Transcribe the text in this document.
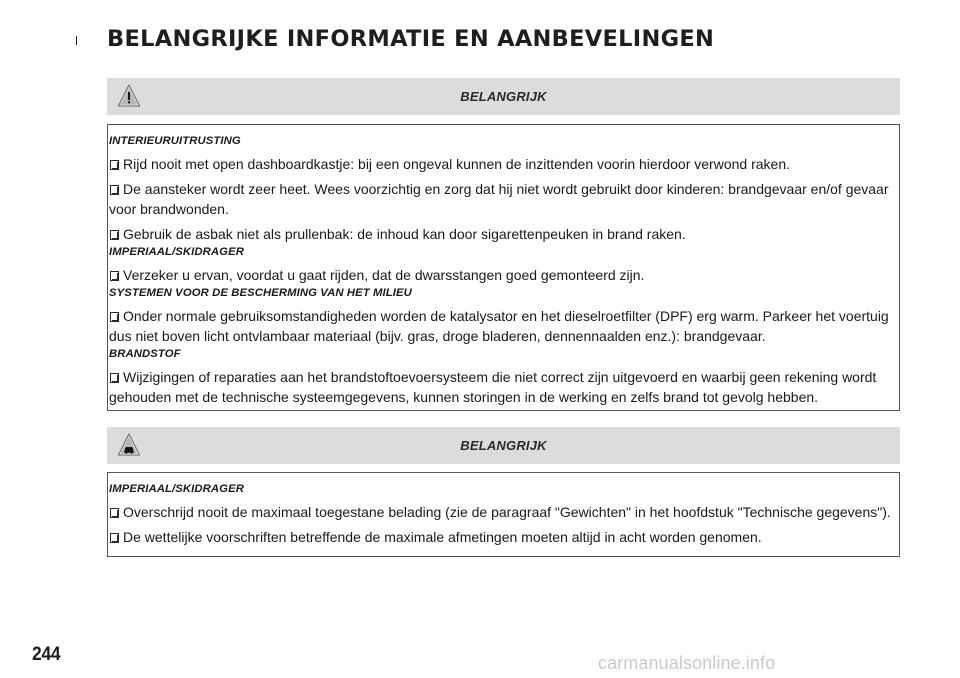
BELANGRIJKE INFORMATIE EN AANBEVELINGEN
BELANGRIJK
INTERIEURUITRUSTING

Rijd nooit met open dashboardkastje: bij een ongeval kunnen de inzittenden voorin hierdoor verwond raken.

De aansteker wordt zeer heet. Wees voorzichtig en zorg dat hij niet wordt gebruikt door kinderen: brandgevaar en/of gevaar voor brandwonden.

Gebruik de asbak niet als prullenbak: de inhoud kan door sigarettenpeuken in brand raken.

IMPERIAAL/SKIDRAGER

Verzeker u ervan, voordat u gaat rijden, dat de dwarsstangen goed gemonteerd zijn.

SYSTEMEN VOOR DE BESCHERMING VAN HET MILIEU

Onder normale gebruiksomstandigheden worden de katalysator en het dieselroetfilter (DPF) erg warm. Parkeer het voertuig dus niet boven licht ontvlambaar materiaal (bijv. gras, droge bladeren, dennennaalden enz.): brandgevaar.

BRANDSTOF

Wijzigingen of reparaties aan het brandstoftoevoersysteem die niet correct zijn uitgevoerd en waarbij geen rekening wordt gehouden met de technische systeemgegevens, kunnen storingen in de werking en zelfs brand tot gevolg hebben.

BELANGRIJK
IMPERIAAL/SKIDRAGER

Overschrijd nooit de maximaal toegestane belading (zie de paragraaf "Gewichten" in het hoofdstuk "Technische gegevens").

De wettelijke voorschriften betreffende de maximale afmetingen moeten altijd in acht worden genomen.

244	carmanualsonline.info
